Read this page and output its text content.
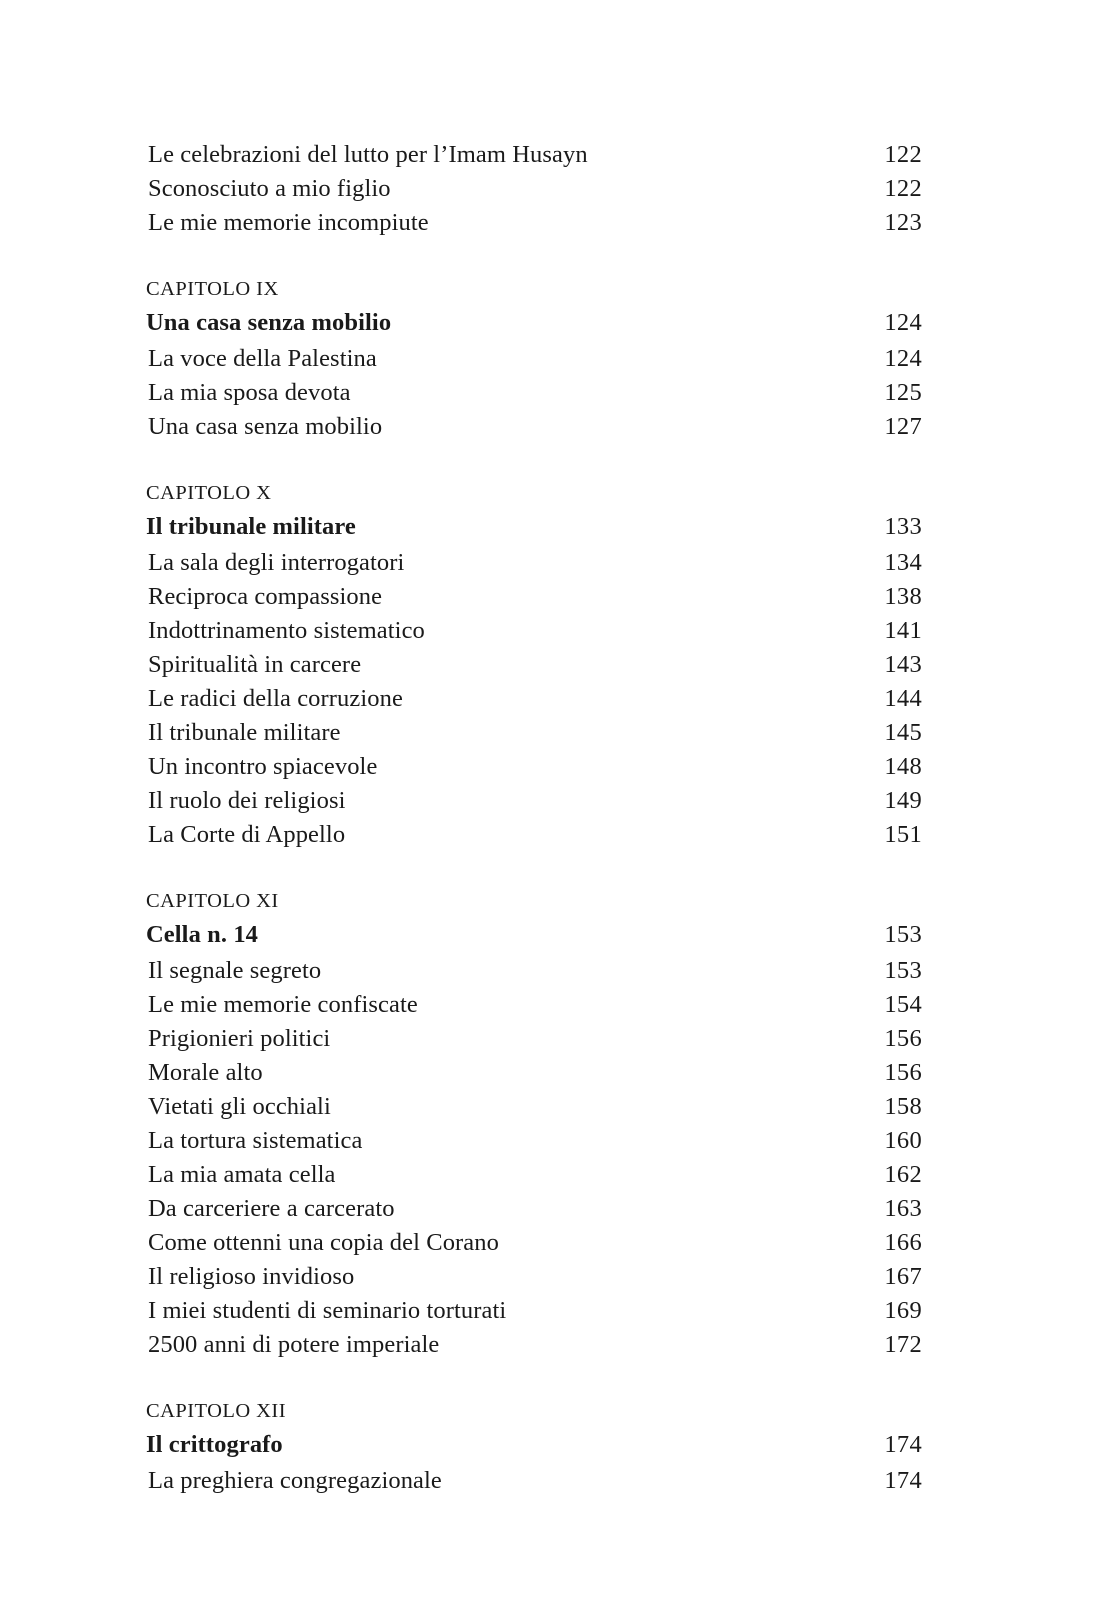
Le celebrazioni del lutto per l’Imam Husayn	122
Sconosciuto a mio figlio	122
Le mie memorie incompiute	123
CAPITOLO IX
Una casa senza mobilio	124
La voce della Palestina	124
La mia sposa devota	125
Una casa senza mobilio	127
CAPITOLO X
Il tribunale militare	133
La sala degli interrogatori	134
Reciproca compassione	138
Indottrinamento sistematico	141
Spiritualità in carcere	143
Le radici della corruzione	144
Il tribunale militare	145
Un incontro spiacevole	148
Il ruolo dei religiosi	149
La Corte di Appello	151
CAPITOLO XI
Cella n. 14	153
Il segnale segreto	153
Le mie memorie confiscate	154
Prigionieri politici	156
Morale alto	156
Vietati gli occhiali	158
La tortura sistematica	160
La mia amata cella	162
Da carceriere a carcerato	163
Come ottenni una copia del Corano	166
Il religioso invidioso	167
I miei studenti di seminario torturati	169
2500 anni di potere imperiale	172
CAPITOLO XII
Il crittografo	174
La preghiera congregazionale	174
